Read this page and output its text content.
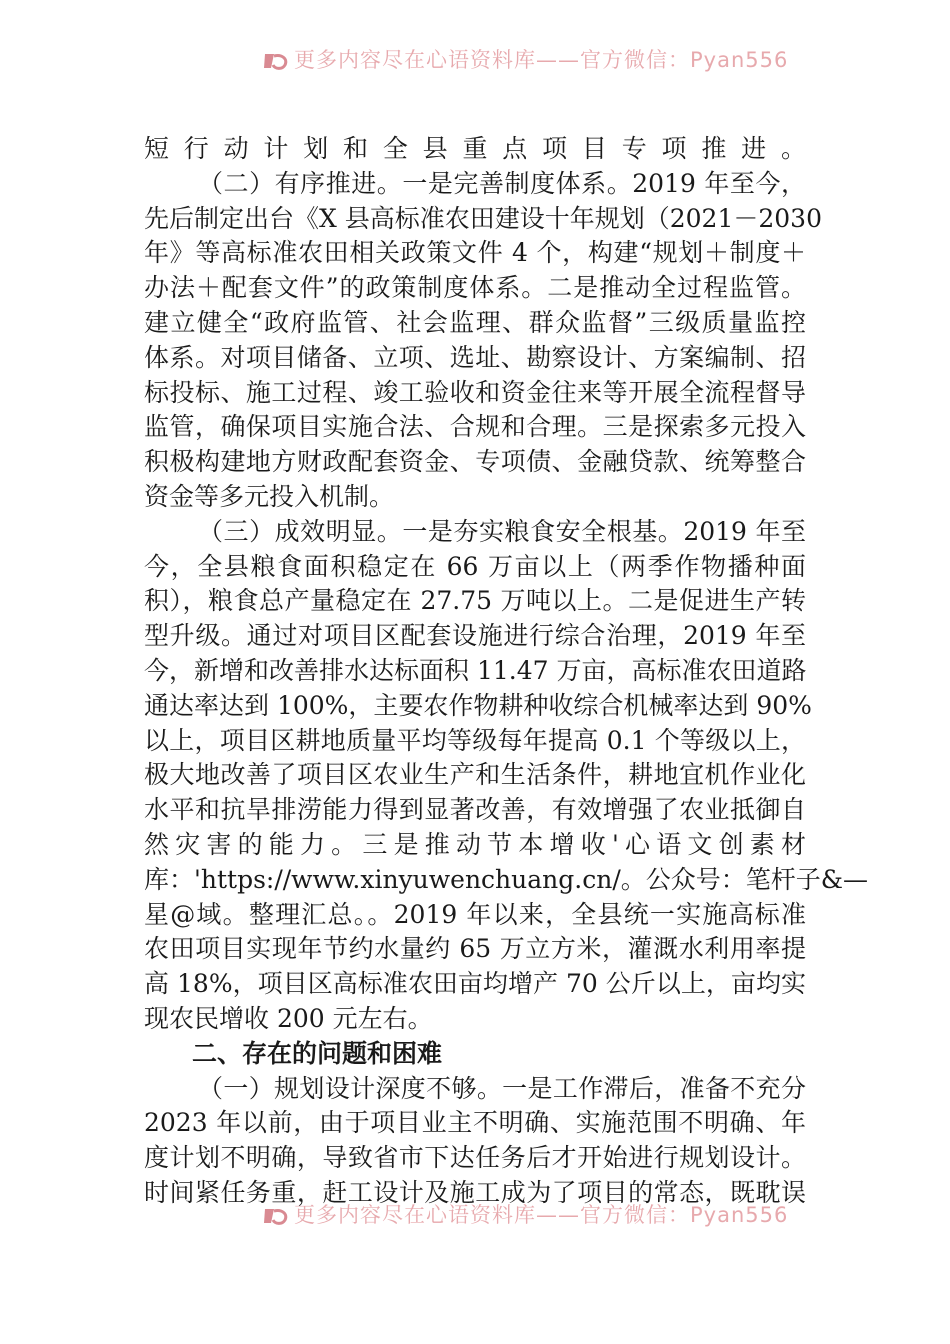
更多内容尽在心语资料库——官方微信：Pyan556
短行动计划和全县重点项目专项推进。
（二）有序推进。一是完善制度体系。2019 年至今，
先后制定出台《X 县高标准农田建设十年规划（2021－2030
年》等高标准农田相关政策文件 4 个，构建“规划＋制度＋
办法＋配套文件”的政策制度体系。二是推动全过程监管。
建立健全“政府监管、社会监理、群众监督”三级质量监控
体系。对项目储备、立项、选址、勘察设计、方案编制、招
标投标、施工过程、竣工验收和资金往来等开展全流程督导
监管，确保项目实施合法、合规和合理。三是探索多元投入
积极构建地方财政配套资金、专项债、金融贷款、统筹整合
资金等多元投入机制。
（三）成效明显。一是夯实粮食安全根基。2019 年至
今，全县粮食面积稳定在 66 万亩以上（两季作物播种面
积），粮食总产量稳定在 27.75 万吨以上。二是促进生产转
型升级。通过对项目区配套设施进行综合治理，2019 年至
今，新增和改善排水达标面积 11.47 万亩，高标准农田道路
通达率达到 100%，主要农作物耕种收综合机械率达到 90%
以上，项目区耕地质量平均等级每年提高 0.1 个等级以上，
极大地改善了项目区农业生产和生活条件，耕地宜机作业化
水平和抗旱排涝能力得到显著改善，有效增强了农业抵御自
然灾害的能力。三是推动节本增收'心语文创素材
库：'https://www.xinyuwenchuang.cn/。公众号：笔杆子&—
星@域。整理汇总。。2019 年以来，全县统一实施高标准
农田项目实现年节约水量约 65 万立方米，灌溉水利用率提
高 18%，项目区高标准农田亩均增产 70 公斤以上，亩均实
现农民增收 200 元左右。
二、存在的问题和困难
（一）规划设计深度不够。一是工作滞后，准备不充分
2023 年以前，由于项目业主不明确、实施范围不明确、年
度计划不明确，导致省市下达任务后才开始进行规划设计。
时间紧任务重，赶工设计及施工成为了项目的常态，既耽误
更多内容尽在心语资料库——官方微信：Pyan556
